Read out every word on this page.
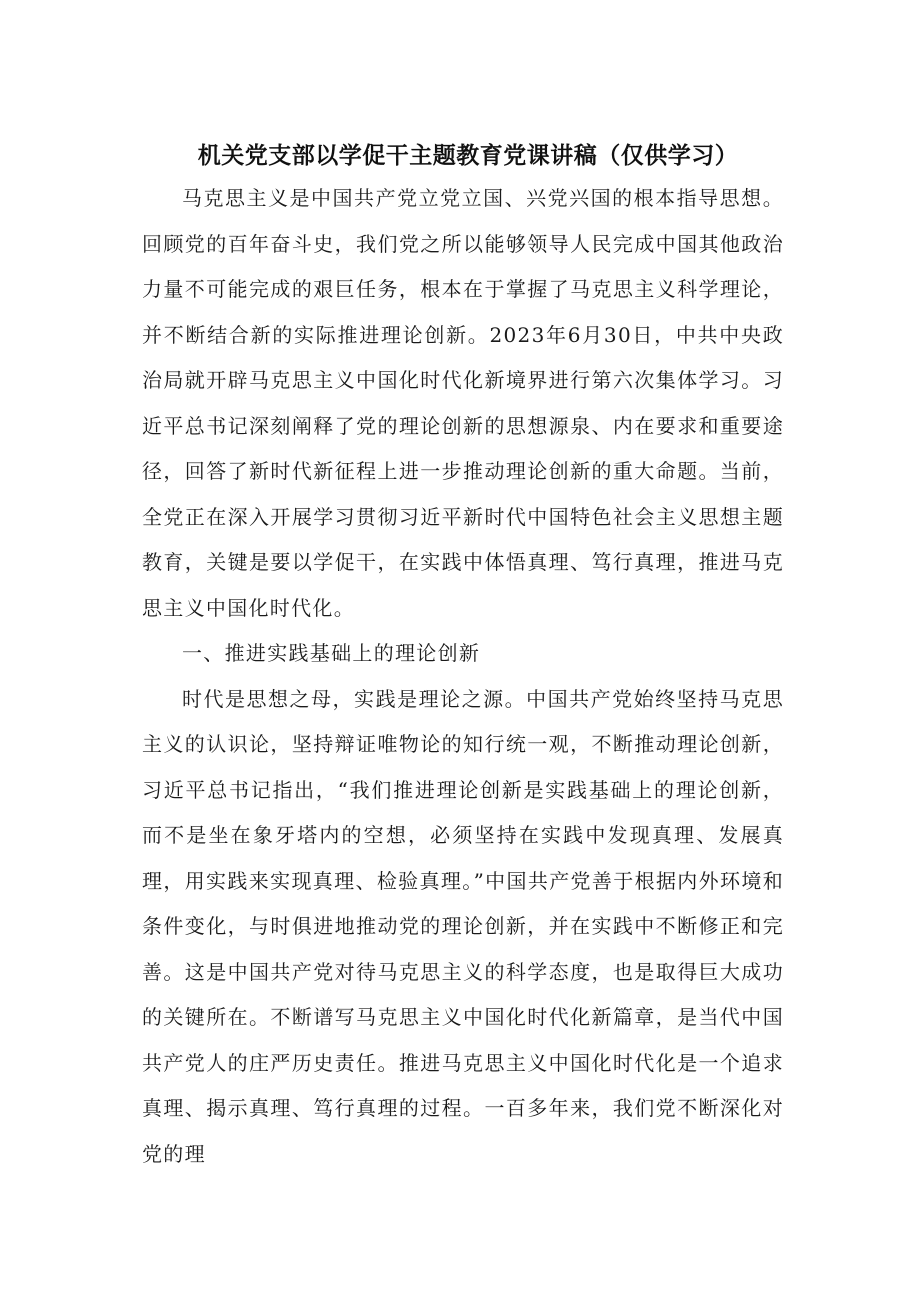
机关党支部以学促干主题教育党课讲稿（仅供学习）

马克思主义是中国共产党立党立国、兴党兴国的根本指导思想。回顾党的百年奋斗史，我们党之所以能够领导人民完成中国其他政治力量不可能完成的艰巨任务，根本在于掌握了马克思主义科学理论，并不断结合新的实际推进理论创新。2023年6月30日，中共中央政治局就开辟马克思主义中国化时代化新境界进行第六次集体学习。习近平总书记深刻阐释了党的理论创新的思想源泉、内在要求和重要途径，回答了新时代新征程上进一步推动理论创新的重大命题。当前，全党正在深入开展学习贯彻习近平新时代中国特色社会主义思想主题教育，关键是要以学促干，在实践中体悟真理、笃行真理，推进马克思主义中国化时代化。

一、推进实践基础上的理论创新

时代是思想之母，实践是理论之源。中国共产党始终坚持马克思主义的认识论，坚持辩证唯物论的知行统一观，不断推动理论创新，习近平总书记指出，“我们推进理论创新是实践基础上的理论创新，而不是坐在象牙塔内的空想，必须坚持在实践中发现真理、发展真理，用实践来实现真理、检验真理。”中国共产党善于根据内外环境和条件变化，与时俱进地推动党的理论创新，并在实践中不断修正和完善。这是中国共产党对待马克思主义的科学态度，也是取得巨大成功的关键所在。不断谱写马克思主义中国化时代化新篇章，是当代中国共产党人的庄严历史责任。推进马克思主义中国化时代化是一个追求真理、揭示真理、笃行真理的过程。一百多年来，我们党不断深化对党的理
